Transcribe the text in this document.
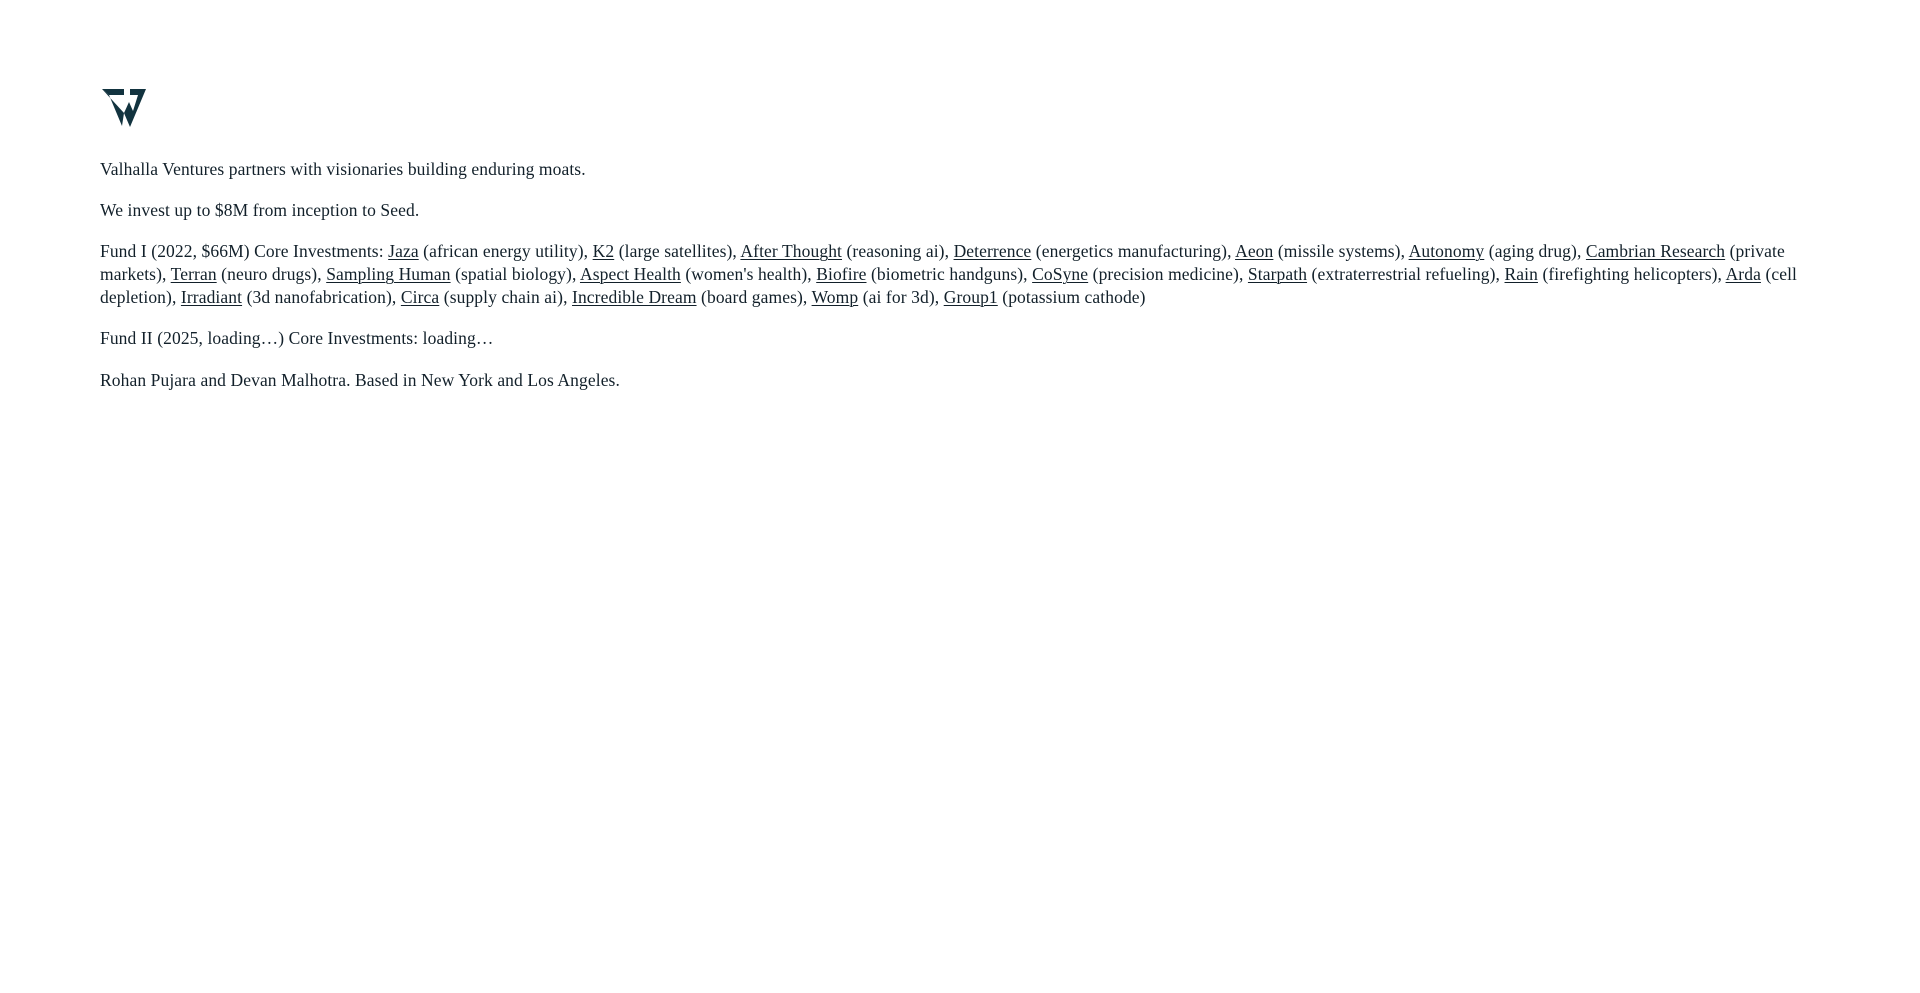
Valhalla Ventures partners with visionaries building enduring moats.

We invest up to $8M from inception to Seed.

Fund I (2022, $66M) Core Investments: Jaza (african energy utility), K2 (large satellites), After Thought (reasoning ai), Deterrence (energetics manufacturing), Aeon (missile systems), Autonomy (aging drug), Cambrian Research (private markets), Terran (neuro drugs), Sampling Human (spatial biology), Aspect Health (women's health), Biofire (biometric handguns), CoSyne (precision medicine), Starpath (extraterrestrial refueling), Rain (firefighting helicopters), Arda (cell depletion), Irradiant (3d nanofabrication), Circa (supply chain ai), Incredible Dream (board games), Womp (ai for 3d), Group1 (potassium cathode)

Fund II (2025, loading…) Core Investments: loading…

Rohan Pujara and Devan Malhotra. Based in New York and Los Angeles.
